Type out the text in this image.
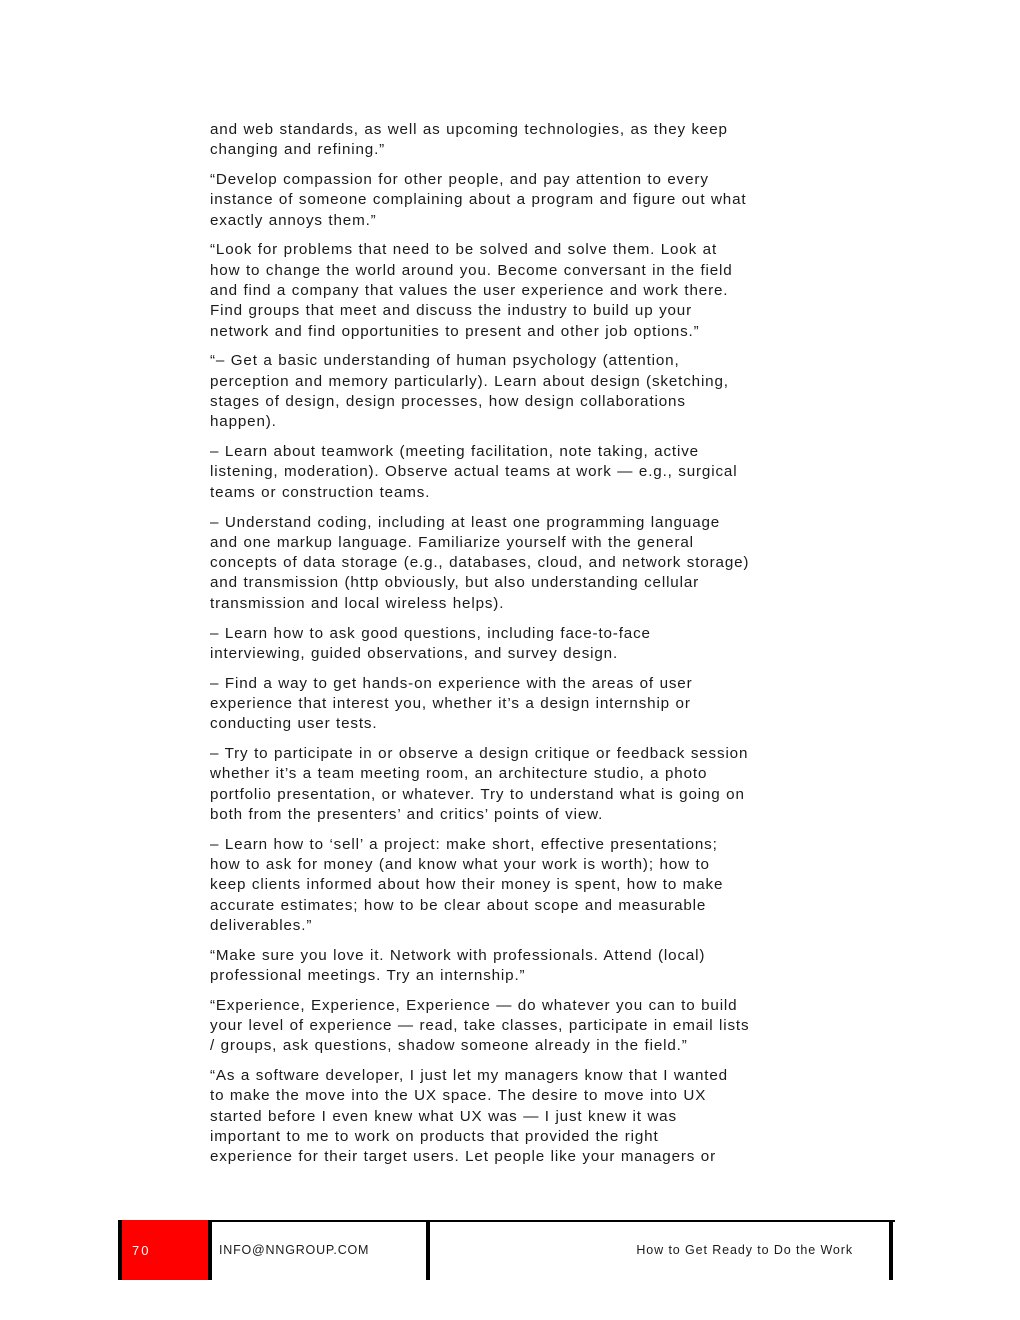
and web standards, as well as upcoming technologies, as they keep
changing and refining.”

“Develop compassion for other people, and pay attention to every
instance of someone complaining about a program and figure out what
exactly annoys them.”

“Look for problems that need to be solved and solve them. Look at
how to change the world around you. Become conversant in the field
and find a company that values the user experience and work there.
Find groups that meet and discuss the industry to build up your
network and find opportunities to present and other job options.”

“– Get a basic understanding of human psychology (attention,
perception and memory particularly). Learn about design (sketching,
stages of design, design processes, how design collaborations
happen).

– Learn about teamwork (meeting facilitation, note taking, active
listening, moderation). Observe actual teams at work — e.g., surgical
teams or construction teams.

– Understand coding, including at least one programming language
and one markup language. Familiarize yourself with the general
concepts of data storage (e.g., databases, cloud, and network storage)
and transmission (http obviously, but also understanding cellular
transmission and local wireless helps).

– Learn how to ask good questions, including face-to-face
interviewing, guided observations, and survey design.

– Find a way to get hands-on experience with the areas of user
experience that interest you, whether it’s a design internship or
conducting user tests.

– Try to participate in or observe a design critique or feedback session
whether it’s a team meeting room, an architecture studio, a photo
portfolio presentation, or whatever. Try to understand what is going on
both from the presenters’ and critics’ points of view.

– Learn how to ‘sell’ a project: make short, effective presentations;
how to ask for money (and know what your work is worth); how to
keep clients informed about how their money is spent, how to make
accurate estimates; how to be clear about scope and measurable
deliverables.”

“Make sure you love it. Network with professionals. Attend (local)
professional meetings. Try an internship.”

“Experience, Experience, Experience — do whatever you can to build
your level of experience — read, take classes, participate in email lists
/ groups, ask questions, shadow someone already in the field.”

“As a software developer, I just let my managers know that I wanted
to make the move into the UX space. The desire to move into UX
started before I even knew what UX was — I just knew it was
important to me to work on products that provided the right
experience for their target users. Let people like your managers or

70	INFO@NNGROUP.COM	How to Get Ready to Do the Work
